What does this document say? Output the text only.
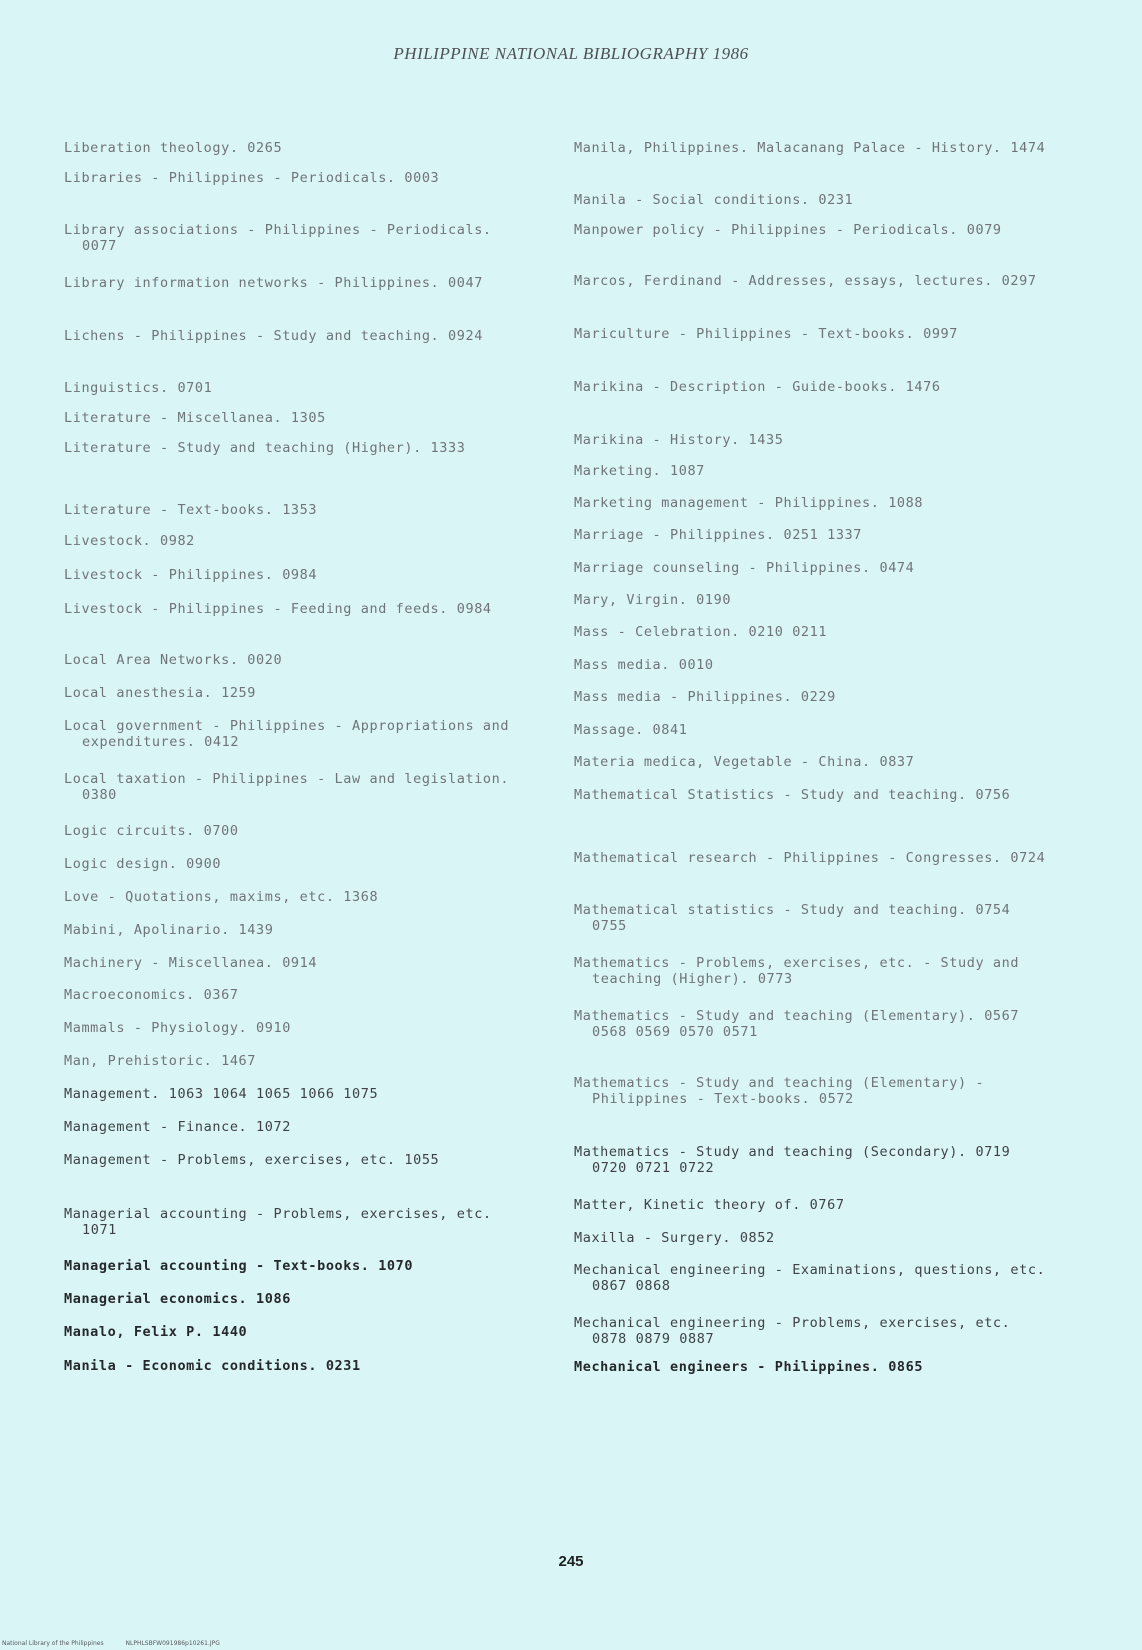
PHILIPPINE NATIONAL BIBLIOGRAPHY 1986
Liberation theology. 0265
Libraries - Philippines - Periodicals. 0003
Library associations - Philippines - Periodicals. 0077
Library information networks - Philippines. 0047
Lichens - Philippines - Study and teaching. 0924
Linguistics. 0701
Literature - Miscellanea. 1305
Literature - Study and teaching (Higher). 1333
Literature - Text-books. 1353
Livestock. 0982
Livestock - Philippines. 0984
Livestock - Philippines - Feeding and feeds. 0984
Local Area Networks. 0020
Local anesthesia. 1259
Local government - Philippines - Appropriations and expenditures. 0412
Local taxation - Philippines - Law and legislation. 0380
Logic circuits. 0700
Logic design. 0900
Love - Quotations, maxims, etc. 1368
Mabini, Apolinario. 1439
Machinery - Miscellanea. 0914
Macroeconomics. 0367
Mammals - Physiology. 0910
Man, Prehistoric. 1467
Management. 1063 1064 1065 1066 1075
Management - Finance. 1072
Management - Problems, exercises, etc. 1055
Managerial accounting - Problems, exercises, etc. 1071
Managerial accounting - Text-books. 1070
Managerial economics. 1086
Manalo, Felix P. 1440
Manila - Economic conditions. 0231
Manila, Philippines. Malacanang Palace - History. 1474
Manila - Social conditions. 0231
Manpower policy - Philippines - Periodicals. 0079
Marcos, Ferdinand - Addresses, essays, lectures. 0297
Mariculture - Philippines - Text-books. 0997
Marikina - Description - Guide-books. 1476
Marikina - History. 1435
Marketing. 1087
Marketing management - Philippines. 1088
Marriage - Philippines. 0251 1337
Marriage counseling - Philippines. 0474
Mary, Virgin. 0190
Mass - Celebration. 0210 0211
Mass media. 0010
Mass media - Philippines. 0229
Massage. 0841
Materia medica, Vegetable - China. 0837
Mathematical Statistics - Study and teaching. 0756
Mathematical research - Philippines - Congresses. 0724
Mathematical statistics - Study and teaching. 0754 0755
Mathematics - Problems, exercises, etc. - Study and teaching (Higher). 0773
Mathematics - Study and teaching (Elementary). 0567 0568 0569 0570 0571
Mathematics - Study and teaching (Elementary) - Philippines - Text-books. 0572
Mathematics - Study and teaching (Secondary). 0719 0720 0721 0722
Matter, Kinetic theory of. 0767
Maxilla - Surgery. 0852
Mechanical engineering - Examinations, questions, etc. 0867 0868
Mechanical engineering - Problems, exercises, etc. 0878 0879 0887
Mechanical engineers - Philippines. 0865
245
National Library of the Philippines	NLPHLSBFW091986p10261.JPG
